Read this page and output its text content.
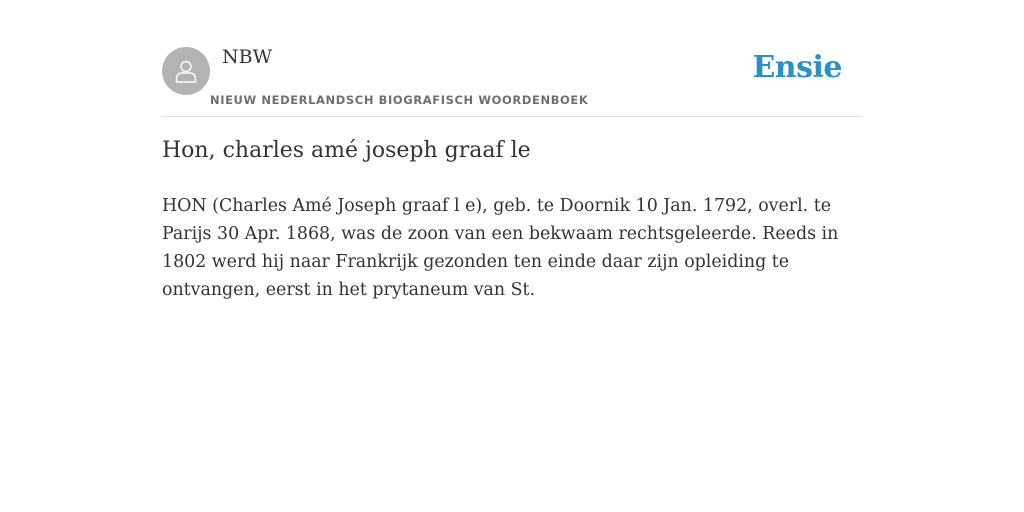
NBW
NIEUW NEDERLANDSCH BIOGRAFISCH WOORDENBOEK
Ensie
Hon, charles amé joseph graaf le

HON (Charles Amé Joseph graaf l e), geb. te Doornik 10 Jan. 1792, overl. te Parijs 30 Apr. 1868, was de zoon van een bekwaam rechtsgeleerde. Reeds in 1802 werd hij naar Frankrijk gezonden ten einde daar zijn opleiding te ontvangen, eerst in het prytaneum van St.
